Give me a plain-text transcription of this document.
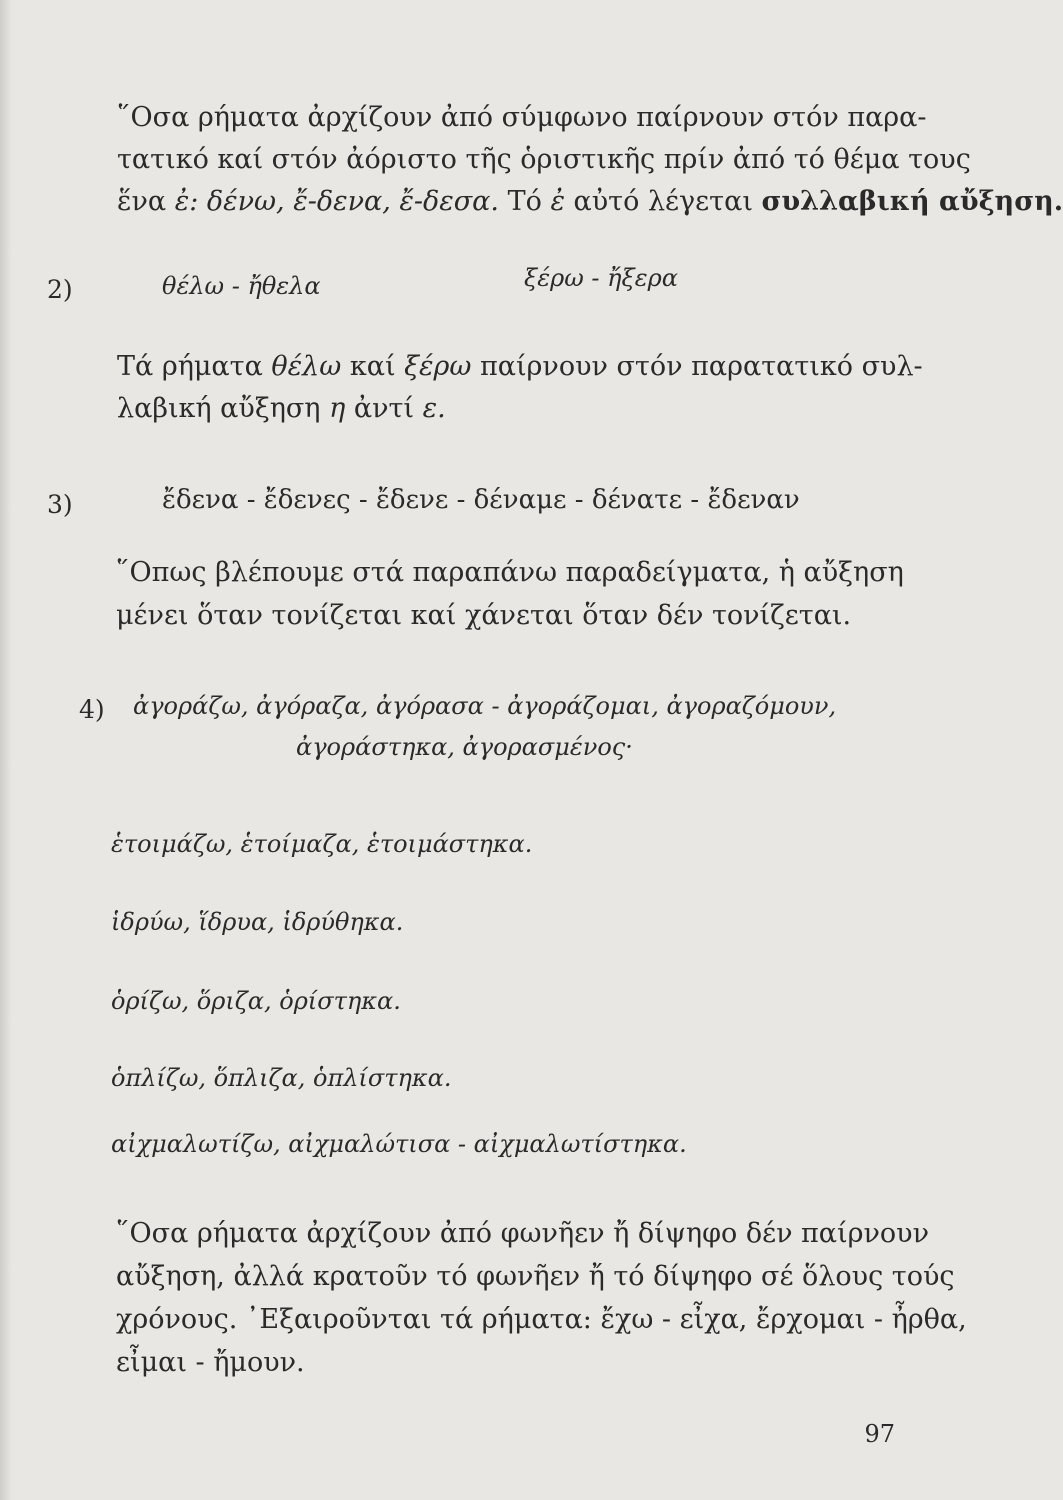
῞Οσα ρήματα ἀρχίζουν ἀπό σύμφωνο παίρνουν στόν παρα-
τατικό καί στόν ἀόριστο τῆς ὁριστικῆς πρίν ἀπό τό θέμα τους
ἕνα ἐ: δένω, ἔ-δενα, ἔ-δεσα. Τό ἐ αὐτό λέγεται συλλαβική αὔξηση.

2)	θέλω - ἤθελα	ξέρω - ἤξερα

Τά ρήματα θέλω καί ξέρω παίρνουν στόν παρατατικό συλ-
λαβική αὔξηση η ἀντί ε.

3)	ἔδενα - ἔδενες - ἔδενε - δέναμε - δένατε - ἔδεναν

῞Οπως βλέπουμε στά παραπάνω παραδείγματα, ἡ αὔξηση
μένει ὅταν τονίζεται καί χάνεται ὅταν δέν τονίζεται.

4) ἀγοράζω, ἀγόραζα, ἀγόρασα - ἀγοράζομαι, ἀγοραζόμουν,
ἀγοράστηκα, ἀγορασμένος·
ἑτοιμάζω, ἑτοίμαζα, ἑτοιμάστηκα.
ἱδρύω, ἵδρυα, ἱδρύθηκα.
ὁρίζω, ὅριζα, ὁρίστηκα.
ὁπλίζω, ὅπλιζα, ὁπλίστηκα.
αἰχμαλωτίζω, αἰχμαλώτισα - αἰχμαλωτίστηκα.

῞Οσα ρήματα ἀρχίζουν ἀπό φωνῆεν ἤ δίψηφο δέν παίρνουν
αὔξηση, ἀλλά κρατοῦν τό φωνῆεν ἤ τό δίψηφο σέ ὅλους τούς
χρόνους. ᾿Εξαιροῦνται τά ρήματα: ἔχω - εἶχα, ἔρχομαι - ἦρθα,
εἶμαι - ἤμουν.

97
